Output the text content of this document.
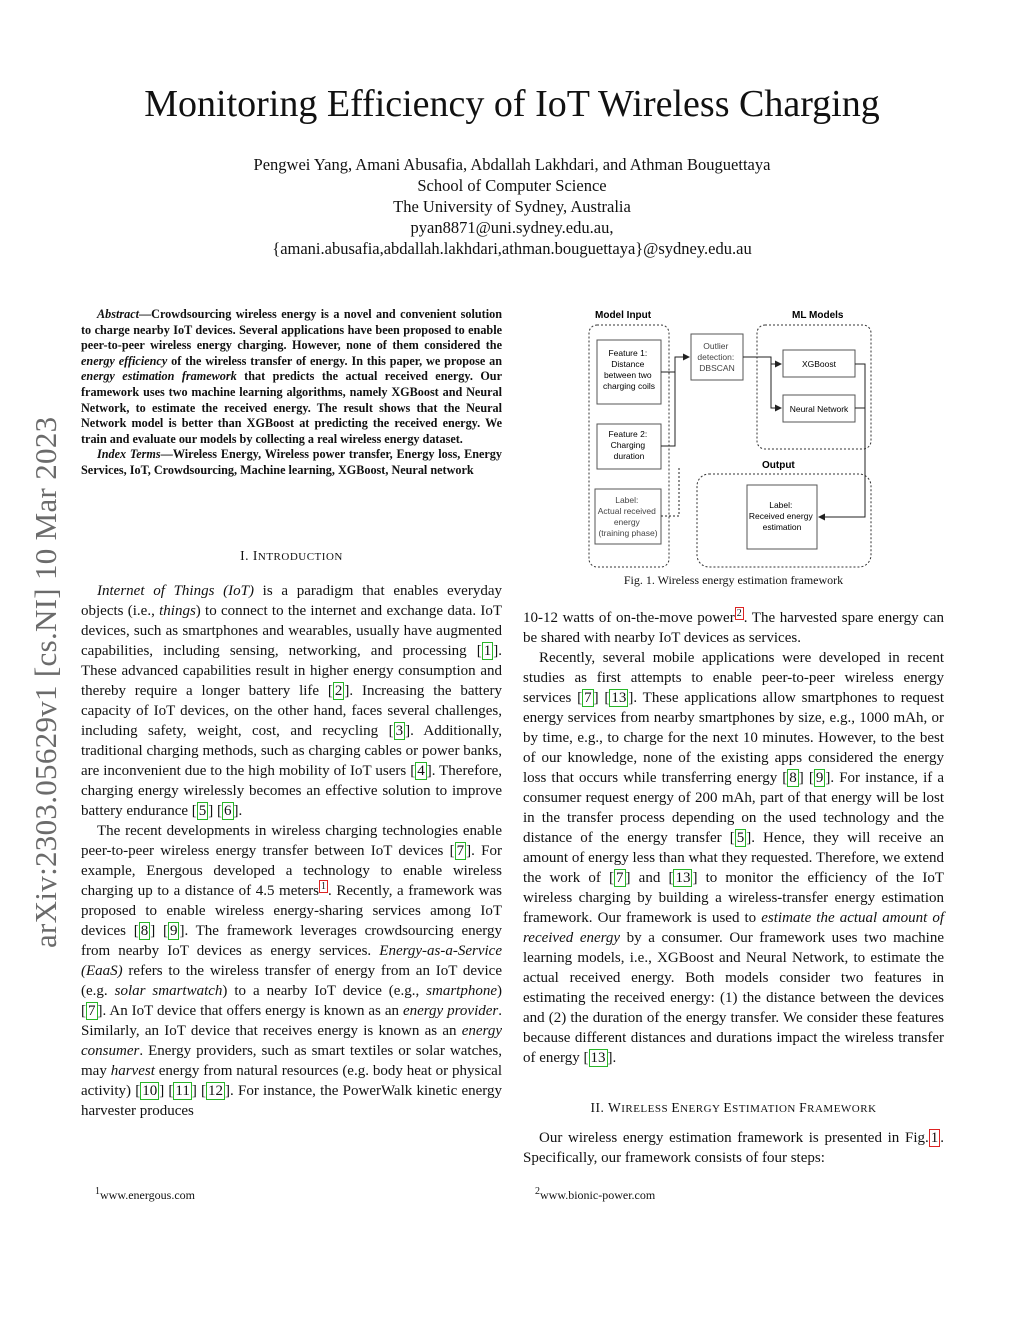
Monitoring Efficiency of IoT Wireless Charging
Pengwei Yang, Amani Abusafia, Abdallah Lakhdari, and Athman Bouguettaya
School of Computer Science
The University of Sydney, Australia
pyan8871@uni.sydney.edu.au,
{amani.abusafia,abdallah.lakhdari,athman.bouguettaya}@sydney.edu.au
arXiv:2303.05629v1 [cs.NI] 10 Mar 2023

Abstract—Crowdsourcing wireless energy is a novel and convenient solution to charge nearby IoT devices. Several applications have been proposed to enable peer-to-peer wireless energy charging. However, none of them considered the energy efficiency of the wireless transfer of energy. In this paper, we propose an energy estimation framework that predicts the actual received energy. Our framework uses two machine learning algorithms, namely XGBoost and Neural Network, to estimate the received energy. The result shows that the Neural Network model is better than XGBoost at predicting the received energy. We train and evaluate our models by collecting a real wireless energy dataset.

Index Terms—Wireless Energy, Wireless power transfer, Energy loss, Energy Services, IoT, Crowdsourcing, Machine learning, XGBoost, Neural network

I. INTRODUCTION

Internet of Things (IoT) is a paradigm that enables everyday objects (i.e., things) to connect to the internet and exchange data. IoT devices, such as smartphones and wearables, usually have augmented capabilities, including sensing, networking, and processing [ 1 ]. These advanced capabilities result in higher energy consumption and thereby require a longer battery life [ 2 ]. Increasing the battery capacity of IoT devices, on the other hand, faces several challenges, including safety, weight, cost, and recycling [ 3 ]. Additionally, traditional charging methods, such as charging cables or power banks, are inconvenient due to the high mobility of IoT users [ 4 ]. Therefore, charging energy wirelessly becomes an effective solution to improve battery endurance [ 5 ] [ 6 ].

The recent developments in wireless charging technologies enable peer-to-peer wireless energy transfer between IoT devices [ 7 ]. For example, Energous developed a technology to enable wireless charging up to a distance of 4.5 meters $^1$ . Recently, a framework was proposed to enable wireless energy-sharing services among IoT devices [ 8 ] [ 9 ]. The framework leverages crowdsourcing energy from nearby IoT devices as energy services. Energy-as-a-Service (EaaS) refers to the wireless transfer of energy from an IoT device (e.g. solar smartwatch) to a nearby IoT device (e.g., smartphone) [ 7 ]. An IoT device that offers energy is known as an energy provider. Similarly, an IoT device that receives energy is known as an energy consumer. Energy providers, such as smart textiles or solar watches, may harvest energy from natural resources (e.g. body heat or physical activity) [ 10 ] [ 11 ] [ 12 ]. For instance, the PowerWalk kinetic energy harvester produces

$^1$www.energous.com
Model Input	ML Models
Output
Feature 1: Distance between two charging coils
Feature 2: Charging duration
Label: Actual received energy (training phase)
Outlier detection: DBSCAN	XGBoost
Neural Network
Label: Received energy estimation
Fig. 1. Wireless energy estimation framework

10-12 watts of on-the-move power $^2$ . The harvested spare energy can be shared with nearby IoT devices as services.

Recently, several mobile applications were developed in recent studies as first attempts to enable peer-to-peer wireless energy services [ 7 ] [ 13 ]. These applications allow smartphones to request energy services from nearby smartphones by size, e.g., 1000 mAh, or by time, e.g., to charge for the next 10 minutes. However, to the best of our knowledge, none of the existing apps considered the energy loss that occurs while transferring energy [ 8 ] [ 9 ]. For instance, if a consumer request energy of 200 mAh, part of that energy will be lost in the transfer process depending on the used technology and the distance of the energy transfer [ 5 ]. Hence, they will receive an amount of energy less than what they requested. Therefore, we extend the work of [ 7 ] and [ 13 ] to monitor the efficiency of the IoT wireless charging by building a wireless-transfer energy estimation framework. Our framework is used to estimate the actual amount of received energy by a consumer. Our framework uses two machine learning models, i.e., XGBoost and Neural Network, to estimate the actual received energy. Both models consider two features in estimating the received energy: (1) the distance between the devices and (2) the duration of the energy transfer. We consider these features because different distances and durations impact the wireless transfer of energy [ 13 ].

II. WIRELESS ENERGY ESTIMATION FRAMEWORK

Our wireless energy estimation framework is presented in Fig. 1 . Specifically, our framework consists of four steps:

$^2$www.bionic-power.com
